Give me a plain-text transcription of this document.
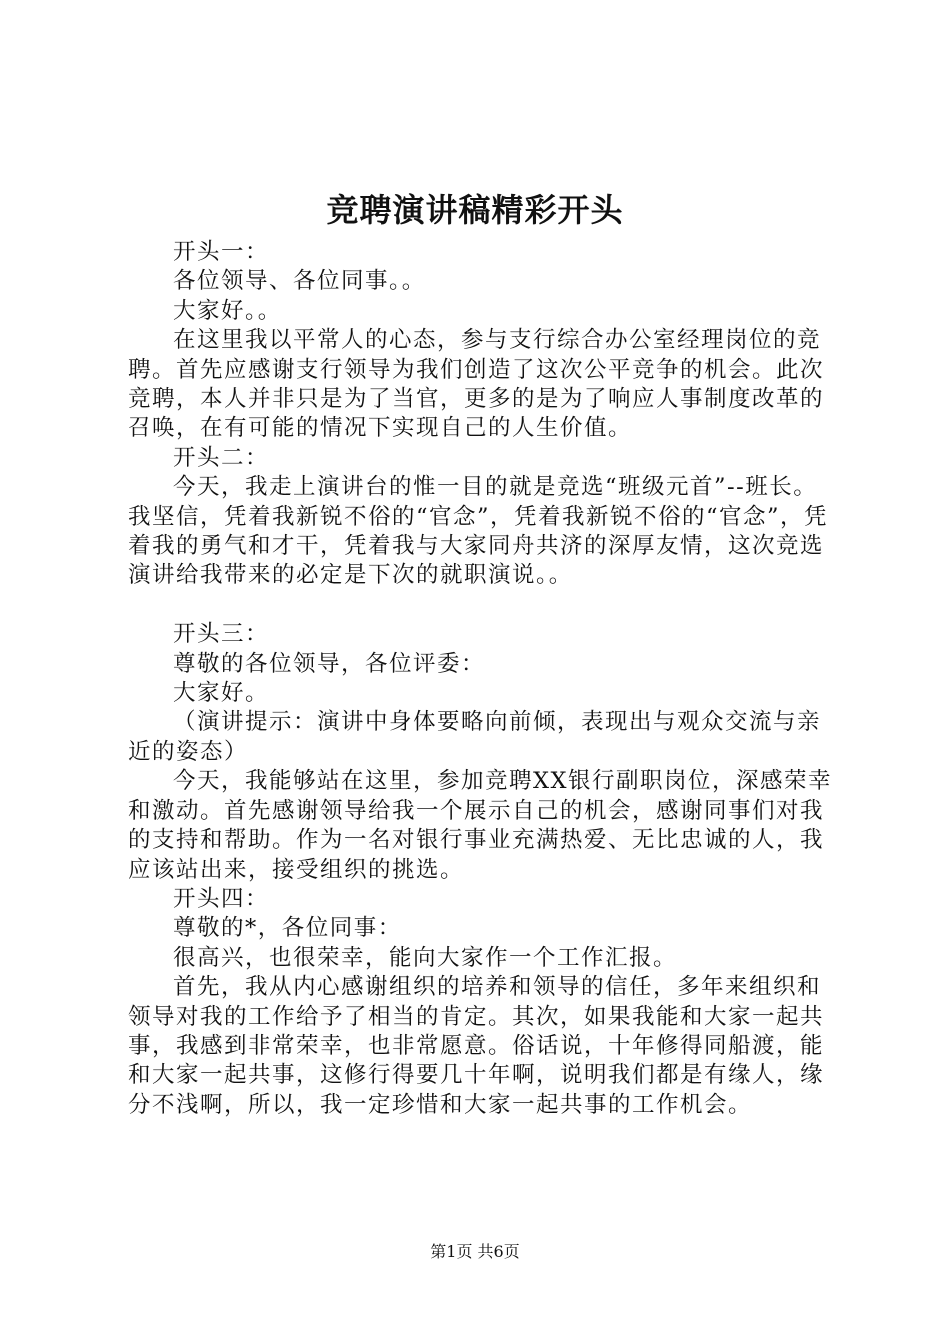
竞聘演讲稿精彩开头

开头一：

各位领导、各位同事。。

大家好。。

在这里我以平常人的心态，参与支行综合办公室经理岗位的竞聘。首先应感谢支行领导为我们创造了这次公平竞争的机会。此次竞聘，本人并非只是为了当官，更多的是为了响应人事制度改革的召唤，在有可能的情况下实现自己的人生价值。

开头二：

今天，我走上演讲台的惟一目的就是竞选“班级元首”--班长。我坚信，凭着我新锐不俗的“官念”，凭着我新锐不俗的“官念”，凭着我的勇气和才干，凭着我与大家同舟共济的深厚友情，这次竞选演讲给我带来的必定是下次的就职演说。。

开头三：

尊敬的各位领导，各位评委：

大家好。

（演讲提示：演讲中身体要略向前倾，表现出与观众交流与亲近的姿态）

今天，我能够站在这里，参加竞聘XX银行副职岗位，深感荣幸和激动。首先感谢领导给我一个展示自己的机会，感谢同事们对我的支持和帮助。作为一名对银行事业充满热爱、无比忠诚的人，我应该站出来，接受组织的挑选。

开头四：

尊敬的*，各位同事：

很高兴，也很荣幸，能向大家作一个工作汇报。

首先，我从内心感谢组织的培养和领导的信任，多年来组织和领导对我的工作给予了相当的肯定。其次，如果我能和大家一起共事，我感到非常荣幸，也非常愿意。俗话说，十年修得同船渡，能和大家一起共事，这修行得要几十年啊，说明我们都是有缘人，缘分不浅啊，所以，我一定珍惜和大家一起共事的工作机会。

第1页 共6页
